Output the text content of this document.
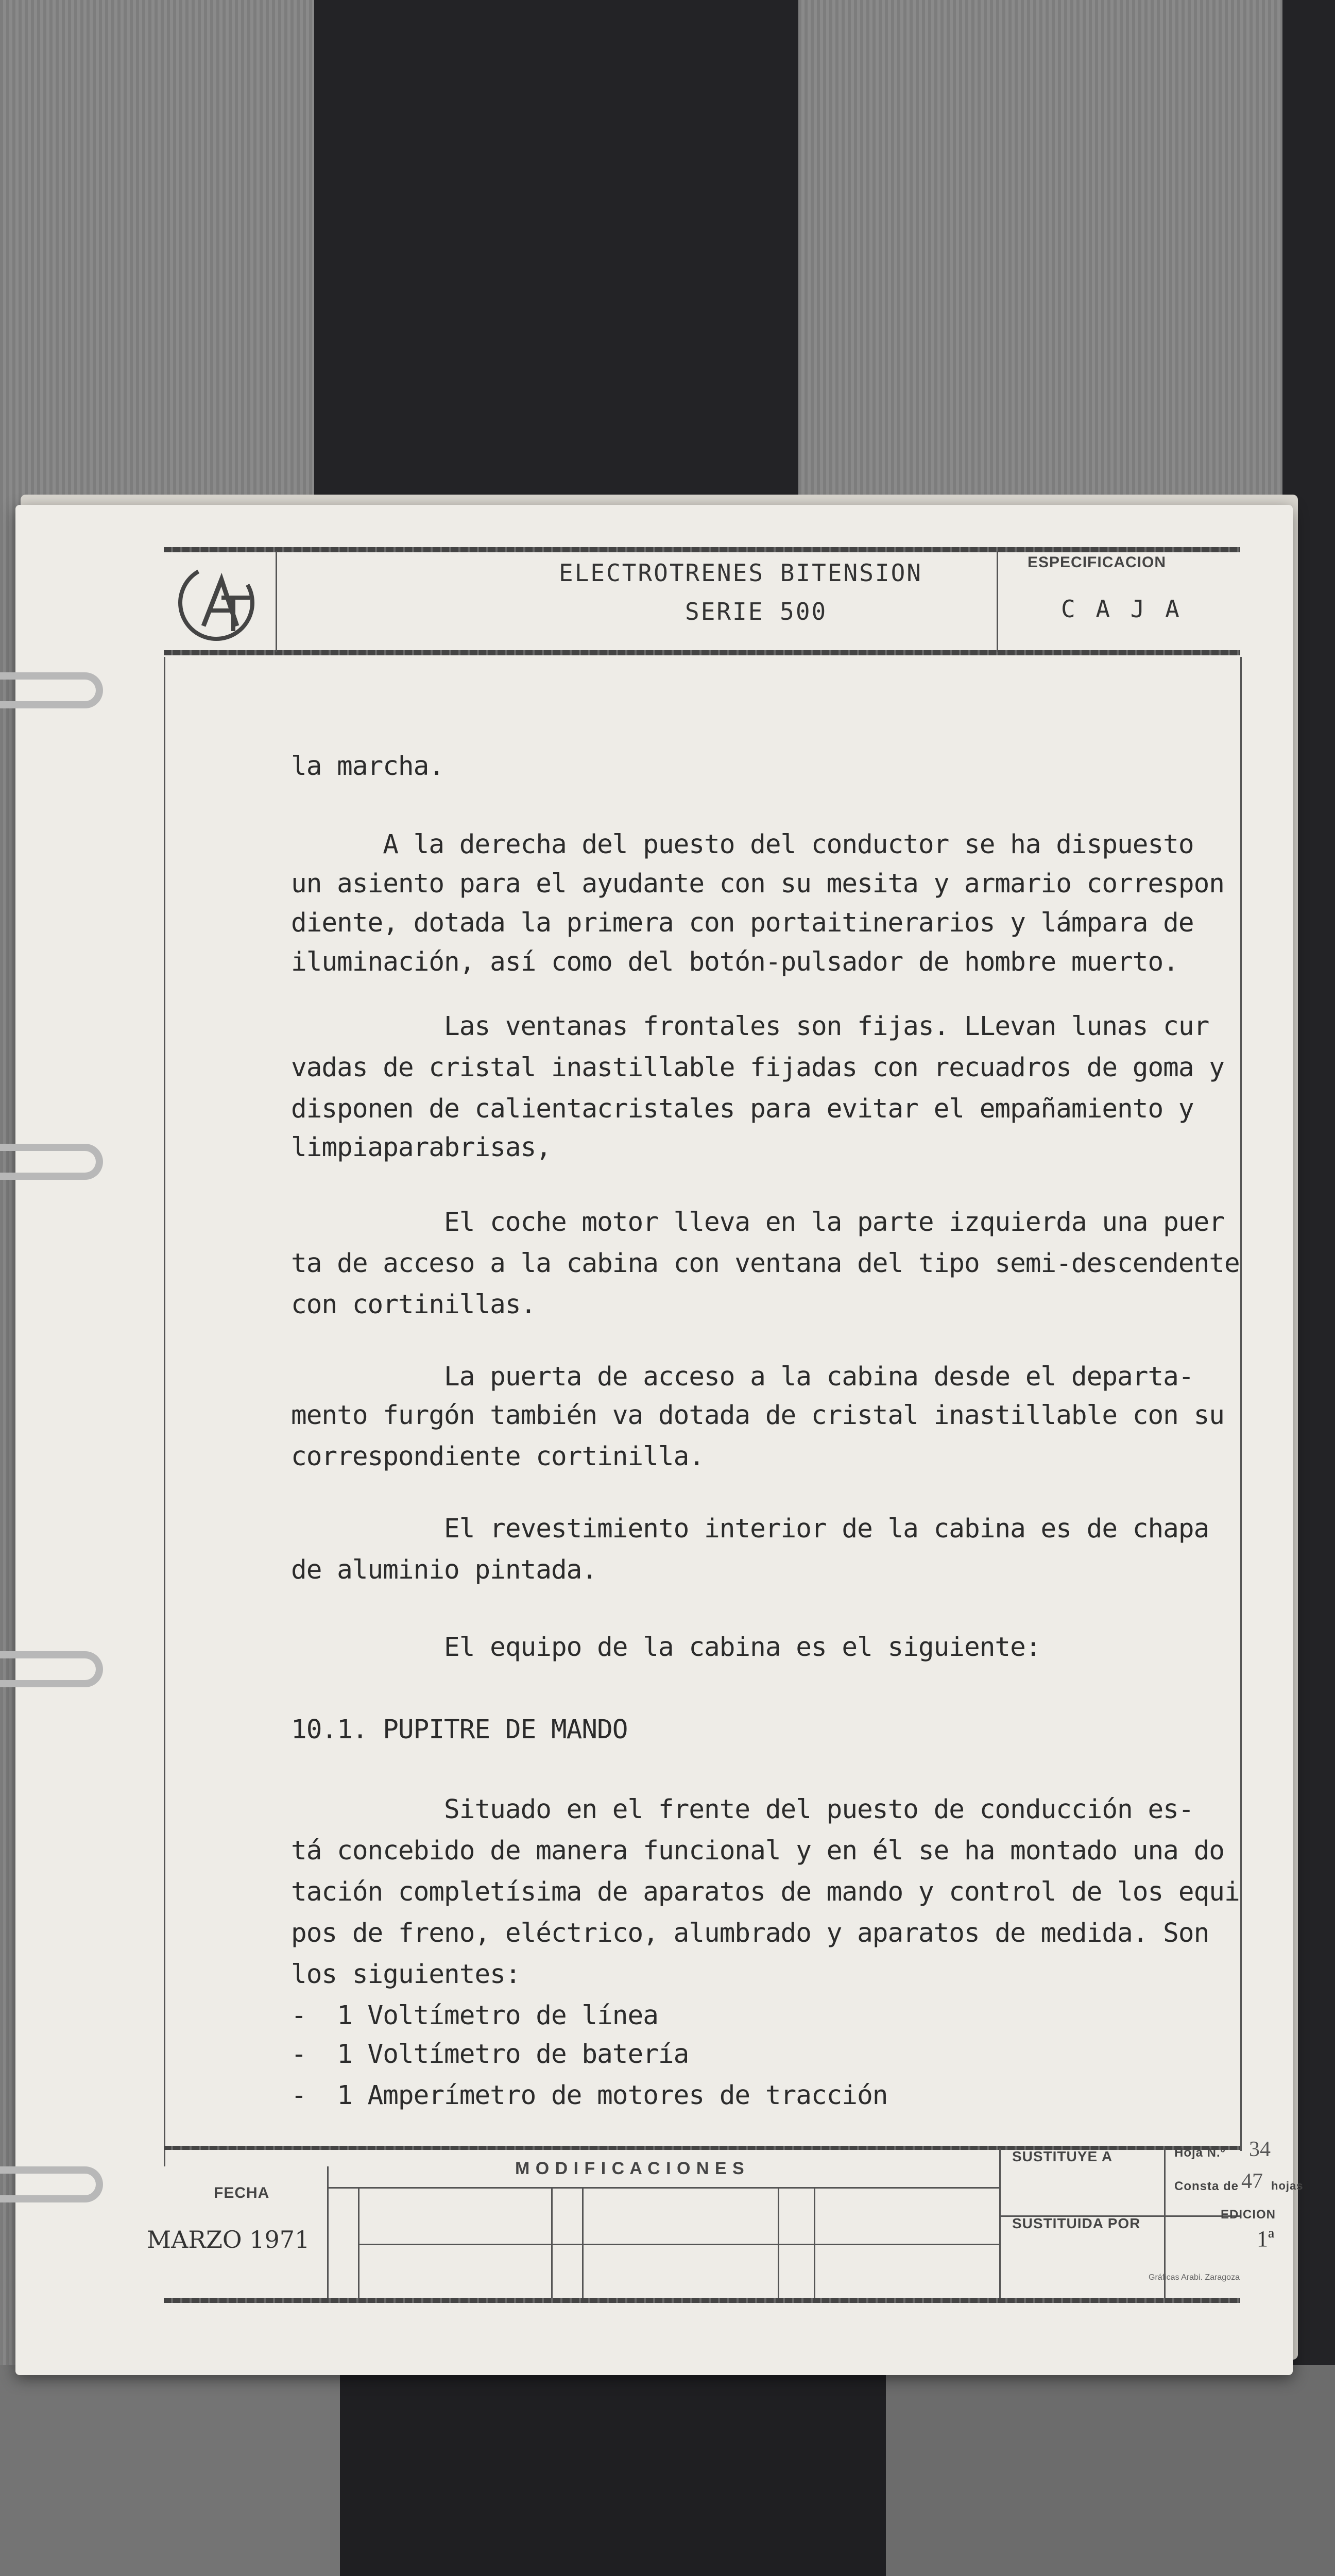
ELECTROTRENES BITENSION
SERIE 500
ESPECIFICACION
C A J A
la marcha.
A la derecha del puesto del conductor se ha dispuesto
un asiento para el ayudante con su mesita y armario correspon
diente, dotada la primera con portaitinerarios y lámpara de
iluminación, así como del botón-pulsador de hombre muerto.
Las ventanas frontales son fijas. LLevan lunas cur
vadas de cristal inastillable fijadas con recuadros de goma y
disponen de calientacristales para evitar el empañamiento y
limpiaparabrisas,
El coche motor lleva en la parte izquierda una puer
ta de acceso a la cabina con ventana del tipo semi-descendente
con cortinillas.
La puerta de acceso a la cabina desde el departa-
mento furgón también va dotada de cristal inastillable con su
correspondiente cortinilla.
El revestimiento interior de la cabina es de chapa
de aluminio pintada.
El equipo de la cabina es el siguiente:
10.1. PUPITRE DE MANDO
Situado en el frente del puesto de conducción es-
tá concebido de manera funcional y en él se ha montado una do
tación completísima de aparatos de mando y control de los equi
pos de freno, eléctrico, alumbrado y aparatos de medida. Son
los siguientes:
-  1 Voltímetro de línea
-  1 Voltímetro de batería
-  1 Amperímetro de motores de tracción
FECHA
MARZO 1971
M O D I F I C A C I O N E S
SUSTITUYE A
SUSTITUIDA POR
Hoja N.º 34
Consta de 47 hojas
EDICION
1ª
Gráficas Arabi. Zaragoza
